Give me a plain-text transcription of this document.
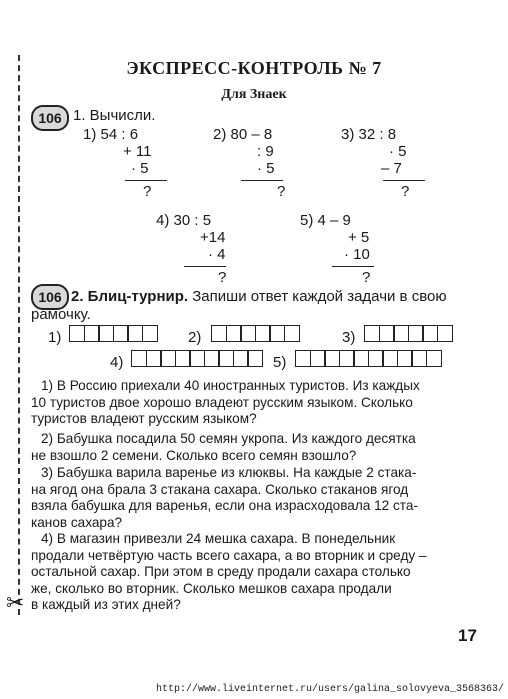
✂
ЭКСПРЕСС-КОНТРОЛЬ № 7
Для Знаек
106 1. Вычисли.
1) 54 : 6
+ 11
· 5
?
2) 80 – 8
: 9
· 5
?
3) 32 : 8
· 5
– 7
?
4) 30 : 5
+14
· 4
?
5) 4 – 9
+ 5
· 10
?
106 2. Блиц-турнир. Запиши ответ каждой задачи в свою
рамочку.
1)	2)	3)
4)	5)
1) В Россию приехали 40 иностранных туристов. Из каждых
10 туристов двое хорошо владеют русским языком. Сколько
туристов владеют русским языком?
2) Бабушка посадила 50 семян укропа. Из каждого десятка
не взошло 2 семени. Сколько всего семян взошло?
3) Бабушка варила варенье из клюквы. На каждые 2 стака-
на ягод она брала 3 стакана сахара. Сколько стаканов ягод
взяла бабушка для варенья, если она израсходовала 12 ста-
канов сахара?
4) В магазин привезли 24 мешка сахара. В понедельник
продали четвёртую часть всего сахара, а во вторник и среду –
остальной сахар. При этом в среду продали сахара столько
же, сколько во вторник. Сколько мешков сахара продали
в каждый из этих дней?
17
http://www.liveinternet.ru/users/galina_solovyeva_3568363/
